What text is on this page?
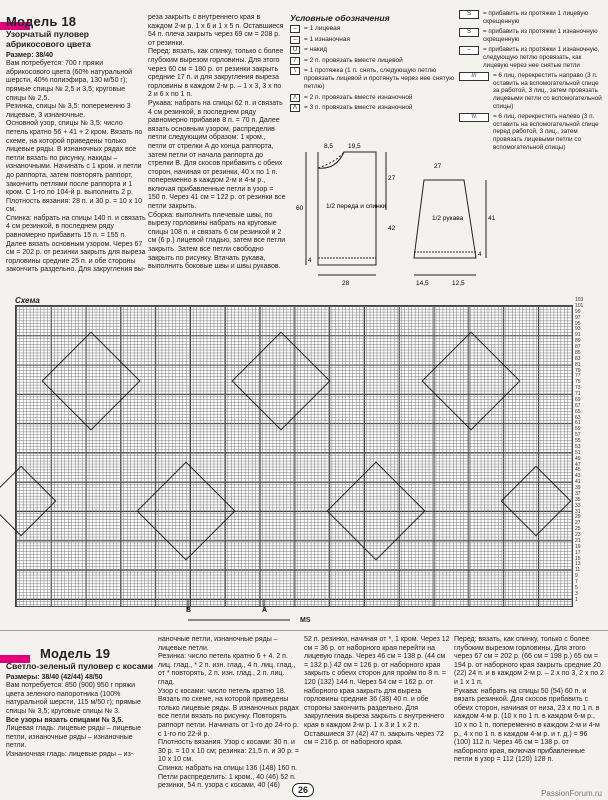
Модель 18
Узорчатый пуловер абрикосового цвета

Размер: 38/40

Вам потребуется: 700 г пряжи абрикосового цвета (60% натуральной шерсти, 40% полиэфира, 130 м/50 г); прямые спицы № 2,5 и 3,5; круговые спицы № 2,5.

Резинка, спицы № 3,5: попеременно 3 лицевые, 3 изнаночные.

Основной узор, спицы № 3,5: число петель кратно 56 + 41 + 2 кром. Вязать по схеме, на которой приведены только лицевые ряды. В изнаночных рядах все петли вязать по рисунку, накиды – изнаночными. Начинать с 1 кром. и петли до раппорта, затем повторять раппорт, закончить петлями после раппорта и 1 кром. С 1-го по 104-й р. выполнить 2 р.

Плотность вязания: 28 п. и 30 р. = 10 х 10 см.

Спинка: набрать на спицы 140 п. и связать 4 см резинкой, в последнем ряду равномерно прибавить 15 п. = 155 п. Далее вязать основным узором. Через 67 см = 202 р. от резинки закрыть для выреза горловины средние 25 п. и обе стороны закончить раздельно. Для закругления вы-

реза закрыть с внутреннего края в каждом 2-м р. 1 х 6 и 1 х 5 п. Оставшиеся 54 п. плеча закрыть через 69 см = 208 р. от резинки.

Перед: вязать, как спинку, только с более глубоким вырезом горловины. Для этого через 60 см = 180 р. от резинки закрыть средние 17 п. и для закругления выреза горловины в каждом 2-м р. – 1 х 3, 3 х по 2 и 6 х по 1 п.

Рукава: набрать на спицы 62 п. и связать 4 см резинкой, в последнем ряду равномерно прибавив 8 п. = 70 п. Далее вязать основным узором, распределив петли следующим образом: 1 кром., петли от стрелки A до конца раппорта, затем петли от начала раппорта до стрелки B. Для скосов прибавить с обеих сторон, начиная от резинки, 40 х по 1 п. попеременно в каждом 2-м и 4-м р., включая прибавленные петли в узор = 150 п. Через 41 см = 122 р. от резинки все петли закрыть.

Сборка: выполнить плечевые швы, по вырезу горловины набрать на круговые спицы 108 п. и связать 6 см резинкой и 2 см (6 р.) лицевой гладью, затем все петли закрыть. Затем все петли свободно закрыть по рисунку. Втачать рукава, выполнить боковые швы и швы рукавов.

Условные обозначения
–	= 1 лицевая
–	= 1 изнаночная
U	= накид
/	= 2 п. провязать вместе лицевой
\	= 1 протяжка (1 п. снять, следующую петлю провязать лицевой и протянуть через нее снятую петлю)
/\	= 2 п. провязать вместе изнаночной
Λ	= 3 п. провязать вместе изнаночной
S	= прибавить из протяжки 1 лицевую скрещенную
S	= прибавить из протяжки 1 изнаночную скрещенную
–	= прибавить из протяжки 1 изнаночную, следующую петлю провязать, как лицевую через нее снятые петли
///	= 6 лиц. перекрестить направо (3 п. оставить на вспомогательной спице за работой, 3 лиц., затем провязать лицевыми петли со вспомогательной спицы)
\\\	= 6 лиц. перекрестить налево (3 п. оставить на вспомогательной спице перед работой, 3 лиц., затем провязать лицевыми петли со вспомогательной спицы)
8,5 19,5
27
42
60
4
28
1/2 переда и спинки
27
41
4
14,5	12,5
1/2 рукава
Схема	103
101
99
97
95
93
91
89
87
85
83
81
79
77
75
73
71
69
67
65
63
61
59
57
55
53
51
49
47
45
43
41
39
37
35
33
31
29
27
25
23
21
19
17
15
13
11
9
7
5
3
1
B	A
MS
Модель 19
Светло-зеленый пуловер с косами

Размеры: 38/40 (42/44) 48/50

Вам потребуется: 850 (900) 950 г пряжи цвета зеленого папоротника (100% натуральной шерсти, 115 м/50 г); прямые спицы № 3,5; круговые спицы № 3.

Все узоры вязать спицами № 3,5.

Лицевая гладь: лицевые ряды – лицевые петли, изнаночные ряды – изнаночные петли.

Изнаночная гладь: лицевые ряды – из-

наночные петли, изнаночные ряды – лицевые петли.

Резинка: число петель кратно 6 + 4. 2 п. лиц. глад., * 2 п. изн. глад., 4 п. лиц. глад., от * повторять, 2 п. изн. глад., 2 п. лиц. глад.

Узор с косами: число петель кратно 18. Вязать по схеме, на которой приведены только лицевые ряды. В изнаночных рядах все петли вязать по рисунку. Повторять раппорт петли. Начинать от 1-го до 24-го р. с 1-го по 22-й р.

Плотность вязания. Узор с косами: 30 п. и 30 р. = 10 х 10 см; резинка: 21,5 п. и 30 р. = 10 х 10 см.

Спинка: набрать на спицы 136 (148) 160 п. Петли распределить: 1 кром., 40 (46) 52 п. резинки, 54 п. узора с косами, 40 (46)

52 п. резинки, начиная от *, 1 кром. Через 12 см = 36 р. от наборного края перейти на лицевую гладь. Через 46 см = 138 р. (44 см = 132 р.) 42 см = 126 р. от наборного края закрыть с обеих сторон для пройм по 8 п. = 120 (132) 144 п. Через 54 см = 162 р. от наборного края закрыть для выреза горловины средние 36 (38) 40 п. и обе стороны закончить раздельно. Для закругления выреза закрыть с внутреннего края в каждом 2-м р. 1 х 3 и 1 х 2 п. Оставшиеся 37 (42) 47 п. закрыть через 72 см = 216 р. от наборного края.

Перед: вязать, как спинку, только с более глубоким вырезом горловины. Для этого через 67 см = 202 р. (66 см = 198 р.) 65 см = 194 р. от наборного края закрыть средние 20 (22) 24 п. и в каждом 2-м р. – 2 х по 3, 2 х по 2 и 1 х 1 п.

Рукава: набрать на спицы 50 (54) 60 п. и вязать резинкой. Для скосов прибавить с обеих сторон, начиная от низа, 23 х по 1 п. в каждом 4-м р. (10 х по 1 п. в каждом 6-м р., 10 х по 1 п. попеременно в каждом 2-м и 4-м р., 4 х по 1 п. в каждом 4-м р. и т. д.) = 96 (100) 112 п. Через 46 см = 138 р. от наборного края, включая прибавленные петли в узор = 112 (120) 128 п.

26	PassionForum.ru
